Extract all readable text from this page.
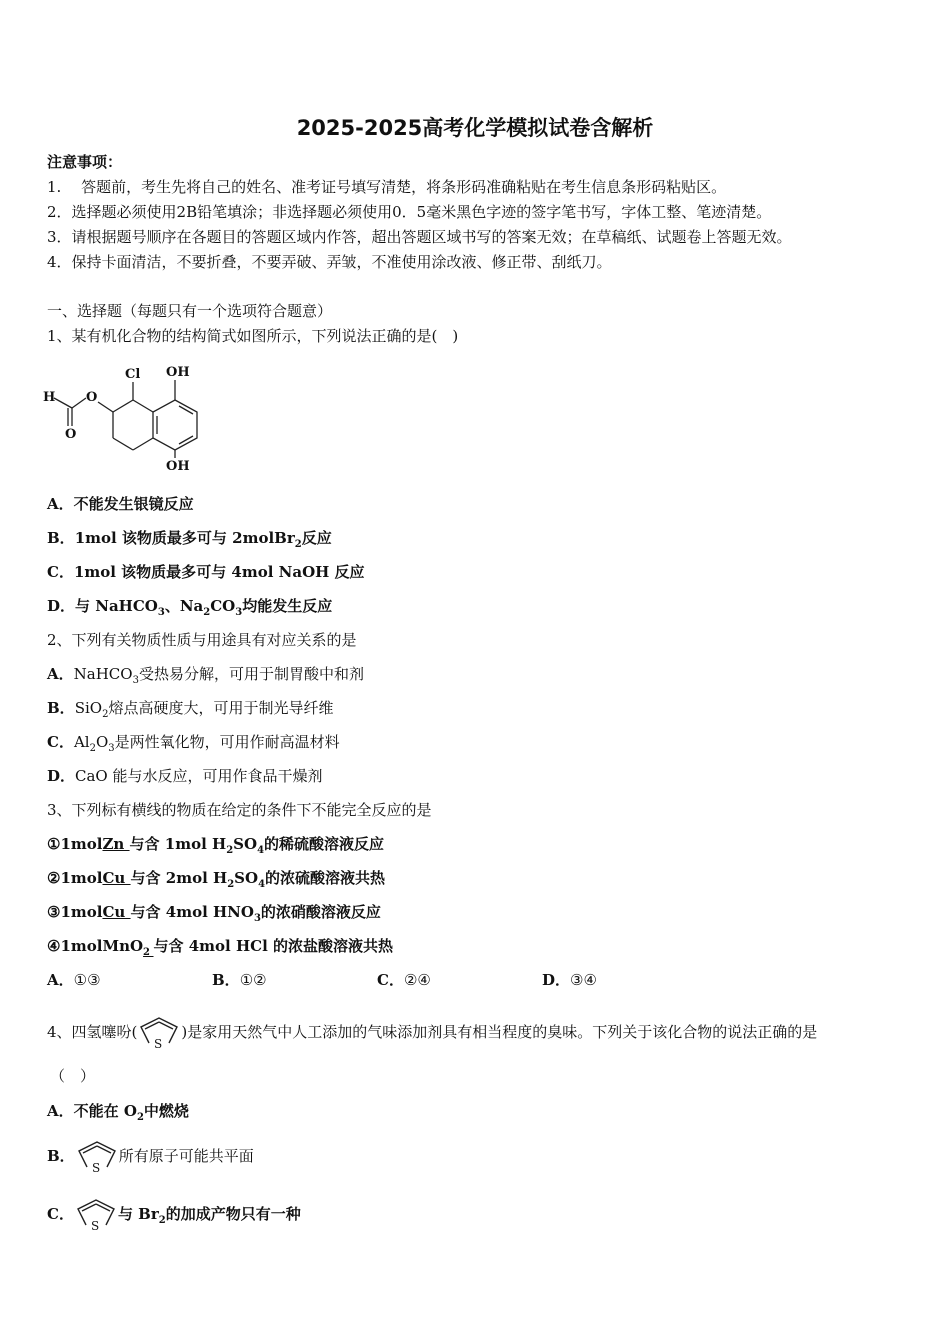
2025-2025高考化学模拟试卷含解析
注意事项：
1.　 答题前，考生先将自己的姓名、准考证号填写清楚，将条形码准确粘贴在考生信息条形码粘贴区。
2．选择题必须使用2B铅笔填涂；非选择题必须使用0．5毫米黑色字迹的签字笔书写，字体工整、笔迹清楚。
3．请根据题号顺序在各题目的答题区域内作答，超出答题区域书写的答案无效；在草稿纸、试题卷上答题无效。
4．保持卡面清洁，不要折叠，不要弄破、弄皱，不准使用涂改液、修正带、刮纸刀。
一、选择题（每题只有一个选项符合题意）
1、某有机化合物的结构简式如图所示，下列说法正确的是(　)
Cl OH
OH
H O
O
A．不能发生银镜反应
B．1mol 该物质最多可与 2molBr$_2$反应
C．1mol 该物质最多可与 4mol NaOH 反应
D．与 NaHCO$_3$、$Na_2CO_3$均能发生反应
2、下列有关物质性质与用途具有对应关系的是
A．NaHCO$_3$受热易分解，可用于制胃酸中和剂
B．SiO$_2$熔点高硬度大，可用于制光导纤维
C．$Al_2O_3$是两性氧化物，可用作耐高温材料
D．CaO 能与水反应，可用作食品干燥剂
3、下列标有横线的物质在给定的条件下不能完全反应的是
①1molZn 与含 1mol $H_2SO_4$的稀硫酸溶液反应
②1molCu 与含 2mol $H_2SO_4$的浓硫酸溶液共热
③1molCu 与含 4mol $HNO_3$的浓硝酸溶液反应
④1molMnO$_2$ 与含 4mol HCl 的浓盐酸溶液共热
A．①③	B．①②	C．②④	D．③④
4、四氢噻吩(
S
)是家用天然气中人工添加的气味添加剂具有相当程度的臭味。下列关于该化合物的说法正确的是
（　）
A．不能在 $O_2$中燃烧
B．
S
所有原子可能共平面
C．
S
与 $Br_2$的加成产物只有一种
